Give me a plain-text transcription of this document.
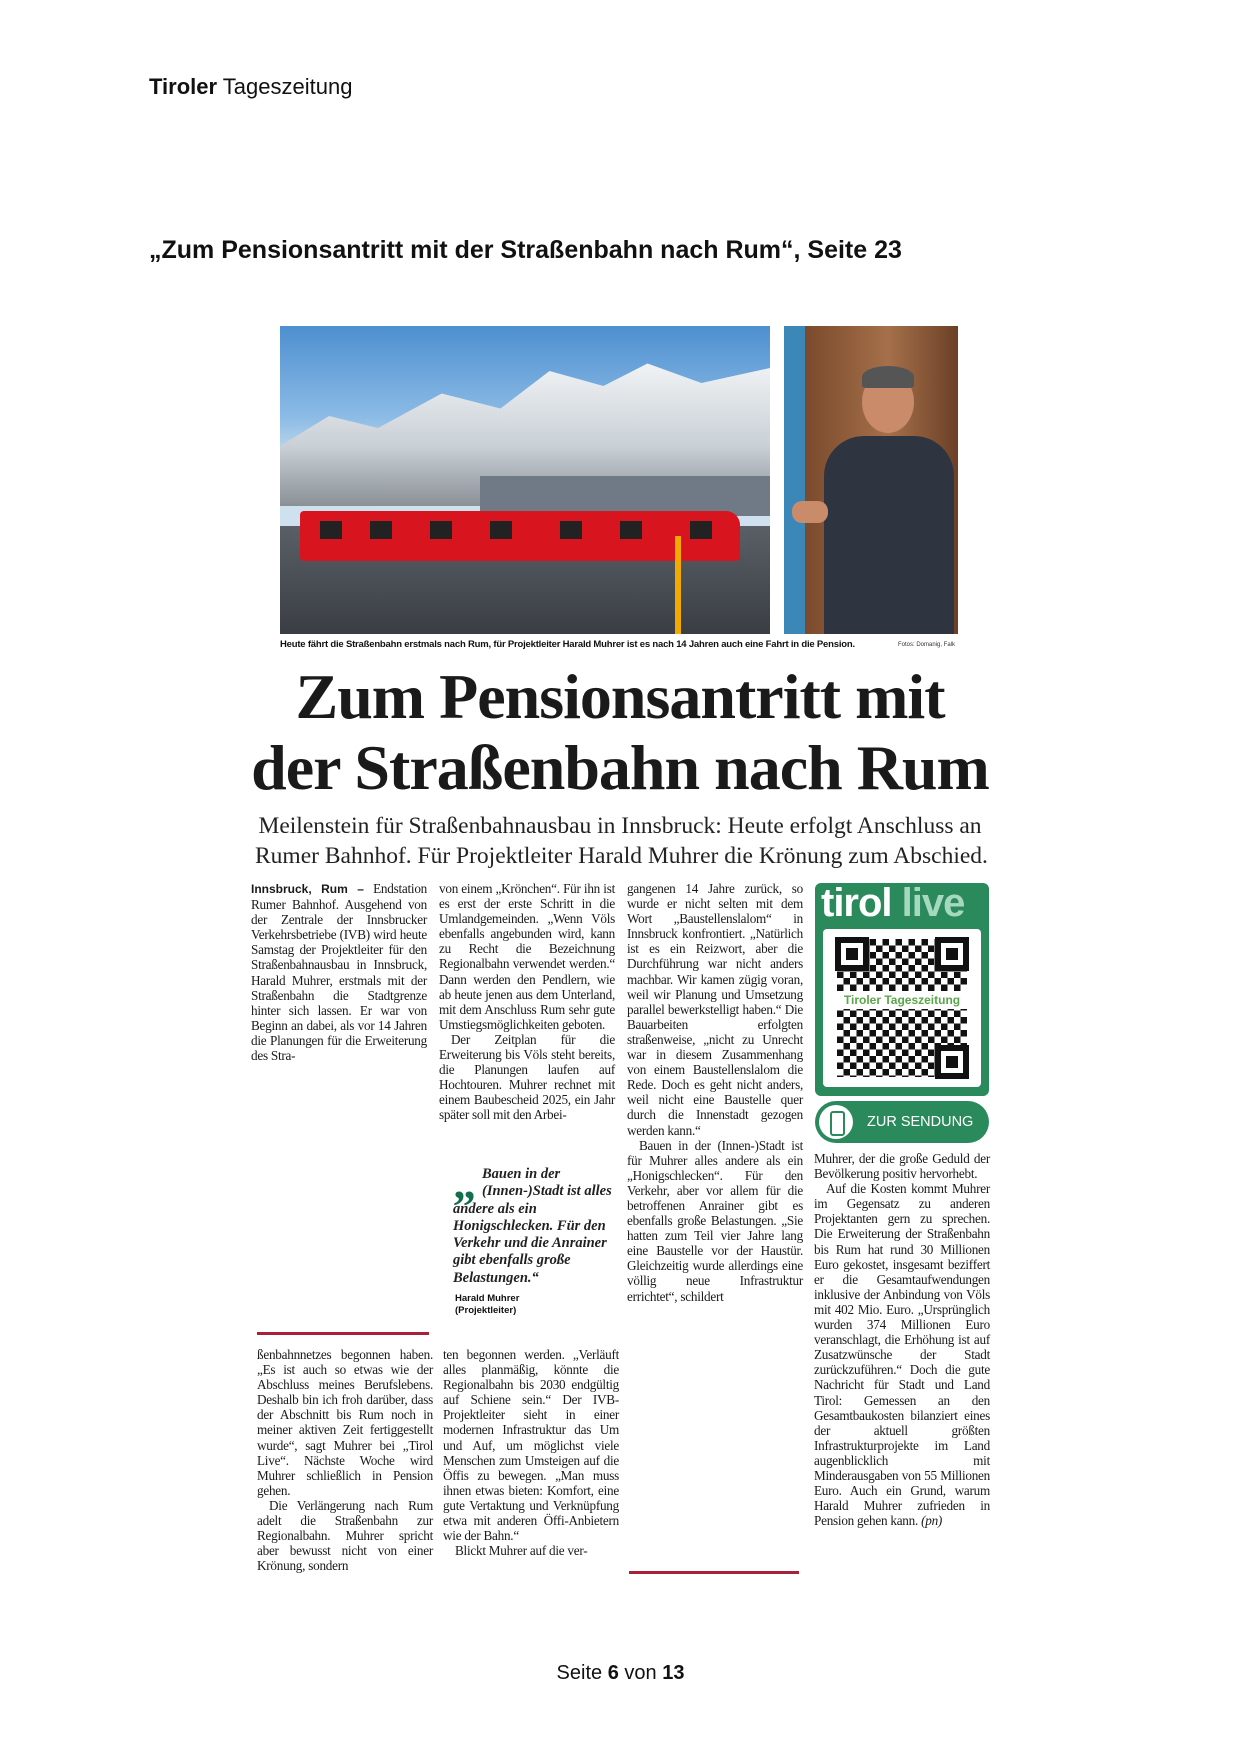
Tiroler Tageszeitung
„Zum Pensionsantritt mit der Straßenbahn nach Rum“, Seite 23
Heute fährt die Straßenbahn erstmals nach Rum, für Projektleiter Harald Muhrer ist es nach 14 Jahren auch eine Fahrt in die Pension.	Fotos: Domanig, Falk
Zum Pensionsantritt mit
der Straßenbahn nach Rum
Meilenstein für Straßenbahnausbau in Innsbruck: Heute erfolgt Anschluss an
Rumer Bahnhof. Für Projektleiter Harald Muhrer die Krönung zum Abschied.

Innsbruck, Rum – Endstation Rumer Bahnhof. Ausgehend von der Zentrale der Innsbrucker Verkehrsbetriebe (IVB) wird heute Samstag der Projektleiter für den Straßenbahnausbau in Innsbruck, Harald Muhrer, erstmals mit der Straßenbahn die Stadtgrenze hinter sich lassen. Er war von Beginn an dabei, als vor 14 Jahren die Planungen für die Erweiterung des Stra-

von einem „Krönchen“. Für ihn ist es erst der erste Schritt in die Umlandgemeinden. „Wenn Völs ebenfalls angebunden wird, kann zu Recht die Bezeichnung Regionalbahn verwendet werden.“ Dann werden den Pendlern, wie ab heute jenen aus dem Unterland, mit dem Anschluss Rum sehr gute Umstiegsmöglichkeiten geboten.

Der Zeitplan für die Erweiterung bis Völs steht bereits, die Planungen laufen auf Hochtouren. Muhrer rechnet mit einem Baubescheid 2025, ein Jahr später soll mit den Arbei-

„ Bauen in der (Innen-)Stadt ist alles andere als ein Honigschlecken. Für den Verkehr und die Anrainer gibt ebenfalls große Belastungen.“
Harald Muhrer
(Projektleiter)

gangenen 14 Jahre zurück, so wurde er nicht selten mit dem Wort „Baustellenslalom“ in Innsbruck konfrontiert. „Natürlich ist es ein Reizwort, aber die Durchführung war nicht anders machbar. Wir kamen zügig voran, weil wir Planung und Umsetzung parallel bewerkstelligt haben.“ Die Bauarbeiten erfolgten straßenweise, „nicht zu Unrecht war in diesem Zusammenhang von einem Baustellenslalom die Rede. Doch es geht nicht anders, weil nicht eine Baustelle quer durch die Innenstadt gezogen werden kann.“

Bauen in der (Innen-)Stadt ist für Muhrer alles andere als ein „Honigschlecken“. Für den Verkehr, aber vor allem für die betroffenen Anrainer gibt es ebenfalls große Belastungen. „Sie hatten zum Teil vier Jahre lang eine Baustelle vor der Haustür. Gleichzeitig wurde allerdings eine völlig neue Infrastruktur errichtet“, schildert

tirol live
Tiroler Tageszeitung
ZUR SENDUNG

Muhrer, der die große Geduld der Bevölkerung positiv hervorhebt.

Auf die Kosten kommt Muhrer im Gegensatz zu anderen Projektanten gern zu sprechen. Die Erweiterung der Straßenbahn bis Rum hat rund 30 Millionen Euro gekostet, insgesamt beziffert er die Gesamtaufwendungen inklusive der Anbindung von Völs mit 402 Mio. Euro. „Ursprünglich wurden 374 Millionen Euro veranschlagt, die Erhöhung ist auf Zusatzwünsche der Stadt zurückzuführen.“ Doch die gute Nachricht für Stadt und Land Tirol: Gemessen an den Gesamtbaukosten bilanziert eines der aktuell größten Infrastrukturprojekte im Land augenblicklich mit Minderausgaben von 55 Millionen Euro. Auch ein Grund, warum Harald Muhrer zufrieden in Pension gehen kann. (pn)

ßenbahnnetzes begonnen haben. „Es ist auch so etwas wie der Abschluss meines Berufslebens. Deshalb bin ich froh darüber, dass der Abschnitt bis Rum noch in meiner aktiven Zeit fertiggestellt wurde“, sagt Muhrer bei „Tirol Live“. Nächste Woche wird Muhrer schließlich in Pension gehen.

Die Verlängerung nach Rum adelt die Straßenbahn zur Regionalbahn. Muhrer spricht aber bewusst nicht von einer Krönung, sondern

ten begonnen werden. „Verläuft alles planmäßig, könnte die Regionalbahn bis 2030 endgültig auf Schiene sein.“ Der IVB-Projektleiter sieht in einer modernen Infrastruktur das Um und Auf, um möglichst viele Menschen zum Umsteigen auf die Öffis zu bewegen. „Man muss ihnen etwas bieten: Komfort, eine gute Vertaktung und Verknüpfung etwa mit anderen Öffi-Anbietern wie der Bahn.“

Blickt Muhrer auf die ver-

Seite 6 von 13
